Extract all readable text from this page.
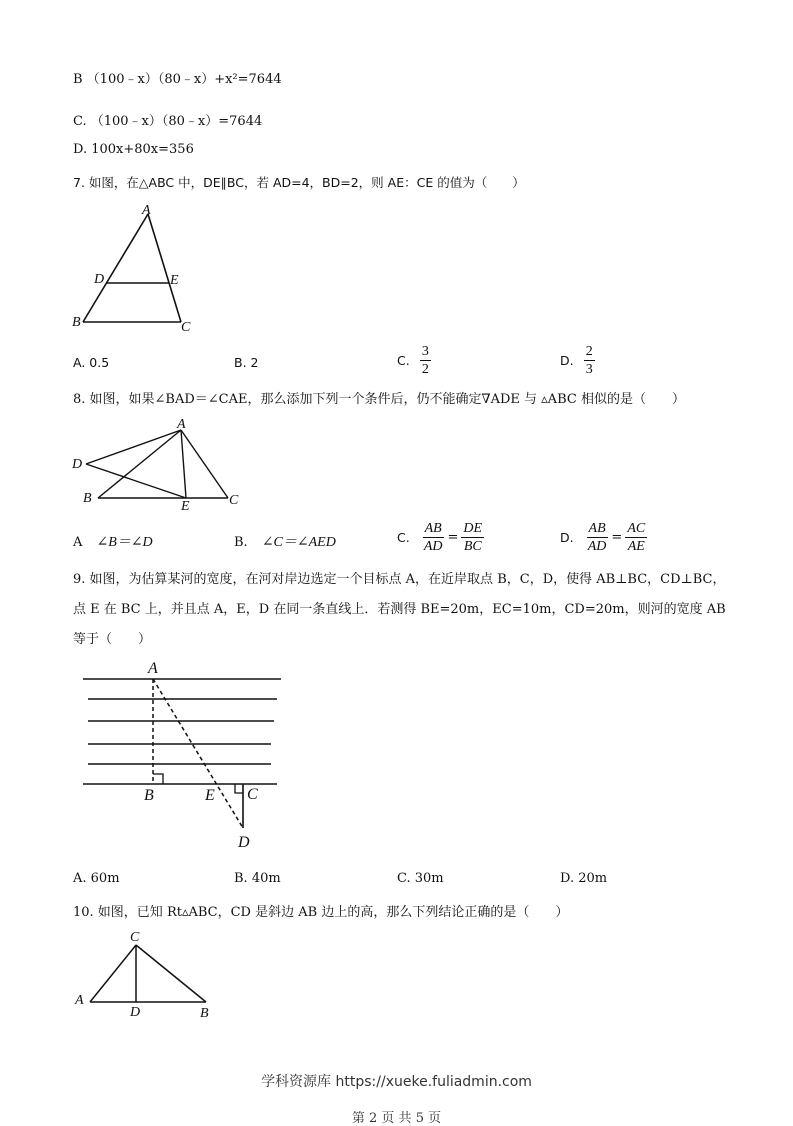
B （100﹣x）（80﹣x）+x²=7644
C. （100﹣x）（80﹣x）=7644
D. 100x+80x=356
7. 如图，在△ABC 中，DE∥BC，若 AD=4，BD=2，则 AE：CE 的值为（　　）
A
D	E
B	C
A. 0.5	B. 2	C. $\frac{3}{2}$	D. $\frac{2}{3}$
8. 如图，如果∠BAD＝∠CAE，那么添加下列一个条件后，仍不能确定∇ADE 与 ▵ABC 相似的是（　　）
A
D
B
E	C
A ∠B＝∠D	B. ∠C＝∠AED	C. $\frac{AB}{AD} = \frac{DE}{BC}$	D. $\frac{AB}{AD} = \frac{AC}{AE}$
9. 如图，为估算某河的宽度，在河对岸边选定一个目标点 A，在近岸取点 B，C，D，使得 AB⊥BC，CD⊥BC，
点 E 在 BC 上，并且点 A，E，D 在同一条直线上．若测得 BE=20m，EC=10m，CD=20m，则河的宽度 AB
等于（　　）
A
B	E C
D
A. 60m	B. 40m	C. 30m	D. 20m
10. 如图，已知 Rt▵ABC，CD 是斜边 AB 边上的高，那么下列结论正确的是（　　）
C
A
D	B
学科资源库 https://xueke.fuliadmin.com
第 2 页 共 5 页
